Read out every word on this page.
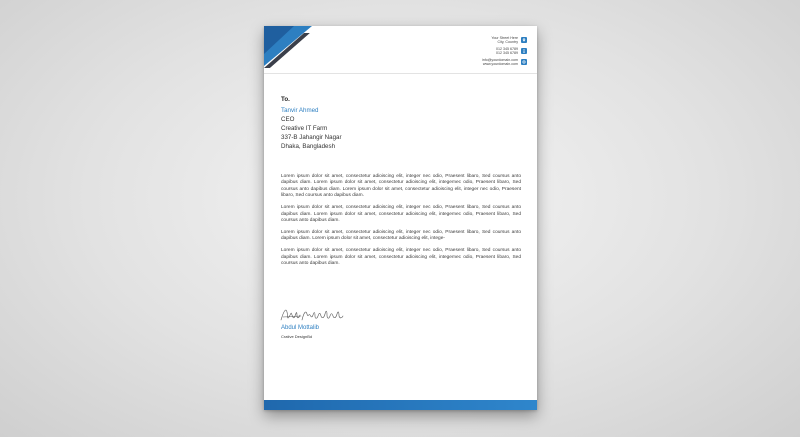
Your Street Here
City, Country
012 345 6789
012 345 6789
info@yourdomain.com
www.yourdomain.com
To.
Tanvir Ahmed
CEO
Creative IT Farm
337-B Jahangir Nagar
Dhaka, Bangladesh

Lorem ipsum dolor sit amet, consectetur adioiscing elit, integer nec odio, Praesent libaro, Sed coursus anto dapibus diam. Lorem ipsum dolor sit amet, consectetur adioiscing elit, integemec odio, Praesent libaro, Sed coursus anto dapibus diam. Lorem ipsum dolor sit amet, consectetur adioiscing elit, integer nec odio, Praesent libaro, Sed coursus anto dapibus diam.

Lorem ipsum dolor sit amet, consectetur adioiscing elit, integer nec odio, Praesent libaro, Sed coursus anto dapibus diam. Lorem ipsum dolor sit amet, consectetur adioiscing elit, integemec odio, Praesent libaro, Sed coursus anto dapibus diam.

Lorem ipsum dolor sit amet, consectetur adioiscing elit, integer nec odio, Praesent libaro, Sed coursus anto dapibus diam. Lorem ipsum dolor sit amet, consectetur adioiscing elit, intege-

Lorem ipsum dolor sit amet, consectetur adioiscing elit, integer nec odio, Praesent libaro, Sed coursus anto dapibus diam. Lorem ipsum dolor sit amet, consectetur adioiscing elit, integemec odio, Praesent libaro, Sed coursus anto dapibus diam.

Abdul Mottalib
Crative DesignBd
